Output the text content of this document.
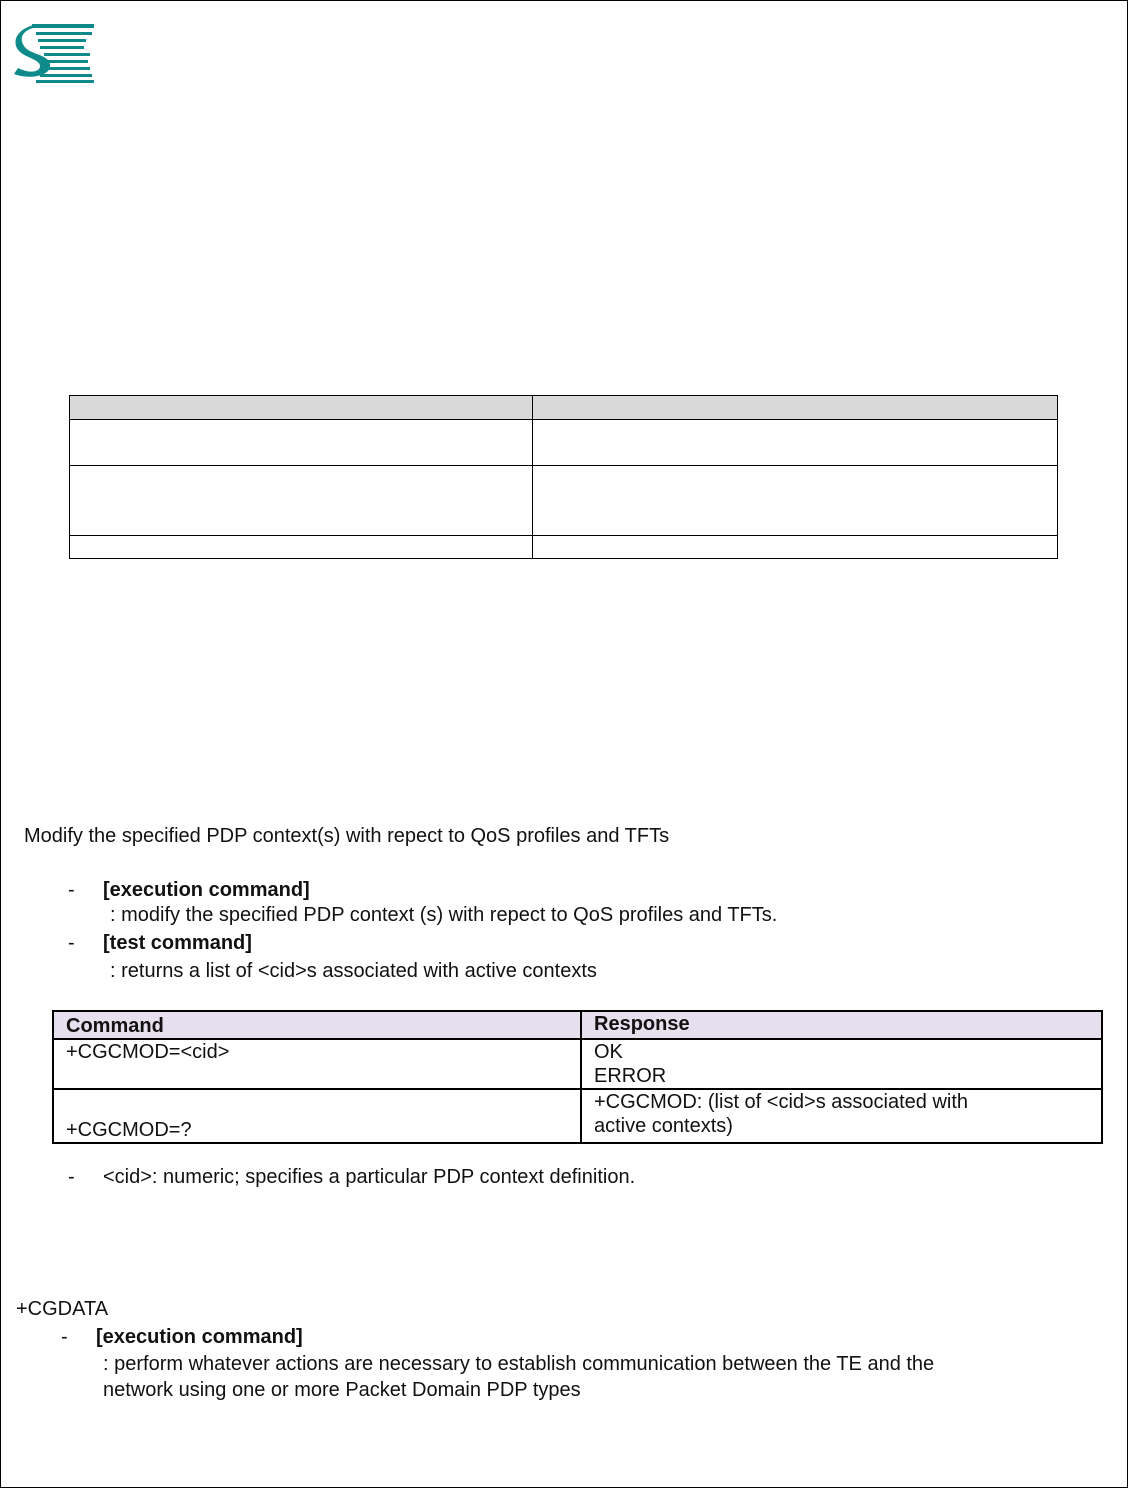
Modify the specified PDP context(s) with repect to QoS profiles and TFTs
- [execution command]
: modify the specified PDP context (s) with repect to QoS profiles and TFTs.
- [test command]
: returns a list of <cid>s associated with active contexts
Command	Response
+CGCMOD=<cid>	OK
ERROR

+CGCMOD=?	+CGCMOD: (list of <cid>s associated with
active contexts)
- <cid>: numeric; specifies a particular PDP context definition.
+CGDATA
- [execution command]
: perform whatever actions are necessary to establish communication between the TE and the
network using one or more Packet Domain PDP types
